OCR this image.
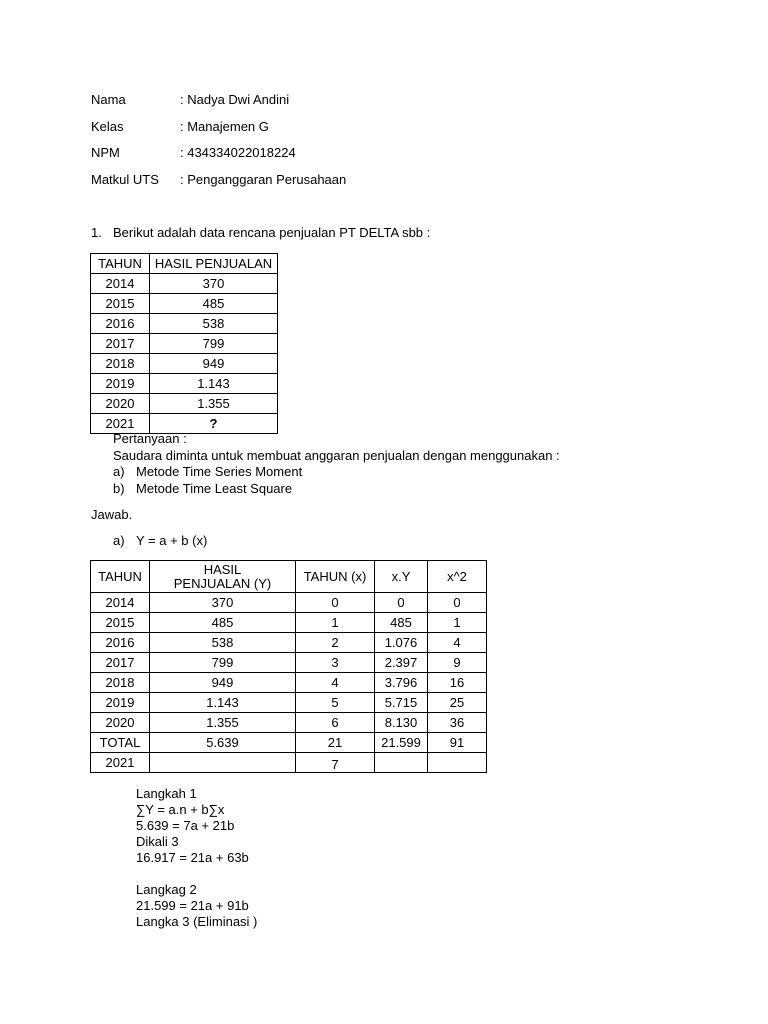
Nama	: Nadya Dwi Andini
Kelas	: Manajemen G
NPM	: 434334022018224
Matkul UTS : Penganggaran Perusahaan
1. Berikut adalah data rencana penjualan PT DELTA sbb :
TAHUN	HASIL PENJUALAN
2014	370
2015	485
2016	538
2017	799
2018	949
2019	1.143
2020	1.355
2021	?
Pertanyaan :
Saudara diminta untuk membuat anggaran penjualan dengan menggunakan :
a) Metode Time Series Moment
b) Metode Time Least Square
Jawab.
a) Y = a + b (x)
TAHUN	HASIL PENJUALAN (Y)	TAHUN (x)	x.Y	x^2
2014	370	0	0	0
2015	485	1	485	1
2016	538	2	1.076	4
2017	799	3	2.397	9
2018	949	4	3.796	16
2019	1.143	5	5.715	25
2020	1.355	6	8.130	36
TOTAL	5.639	21	21.599	91
2021		7		
Langkah 1
∑Y = a.n + b∑x
5.639 = 7a + 21b
Dikali 3
16.917 = 21a + 63b
Langkag 2
21.599 = 21a + 91b
Langka 3 (Eliminasi )
